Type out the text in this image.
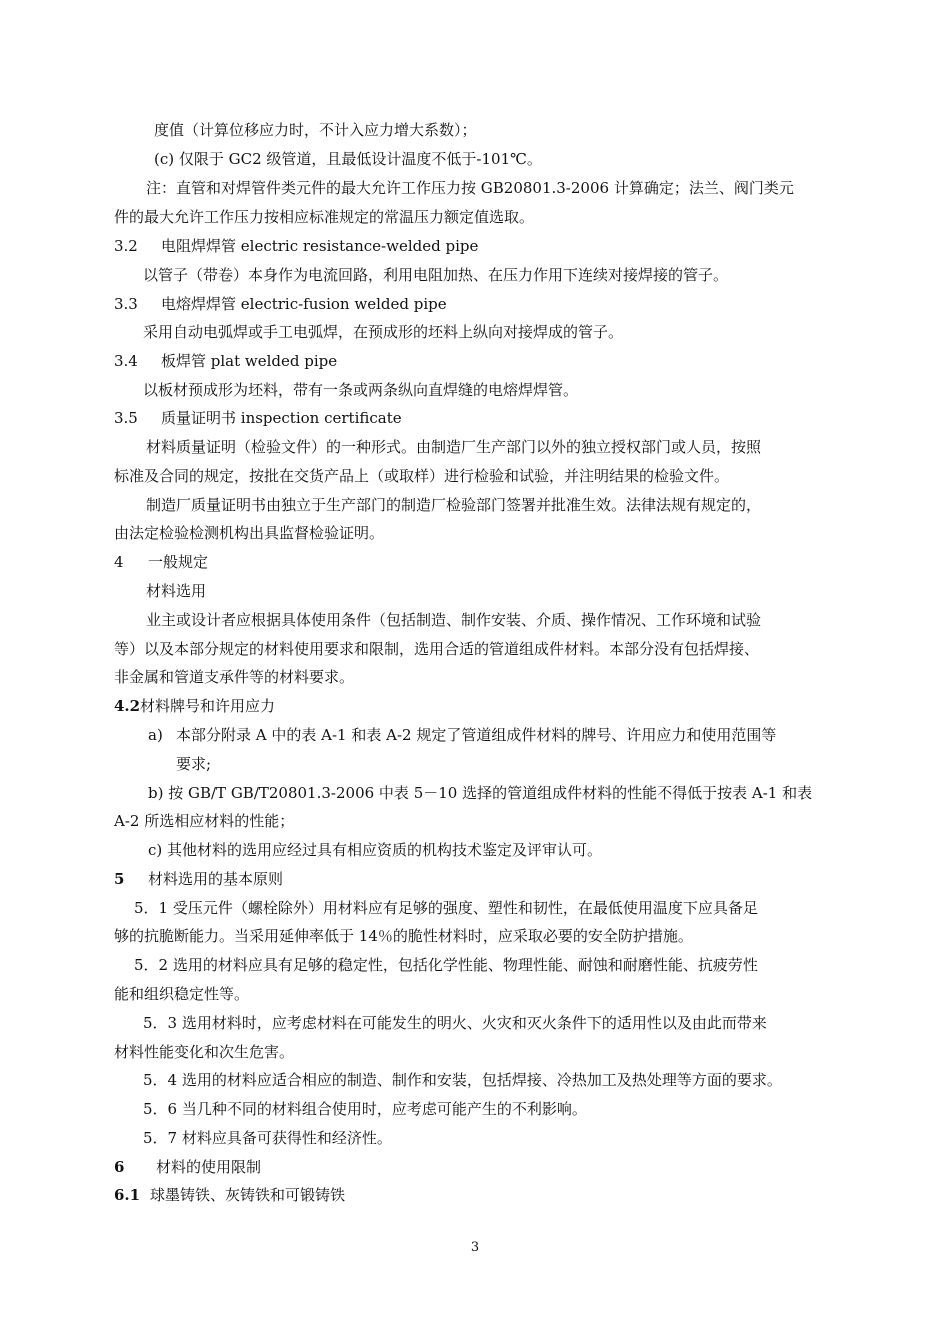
度值（计算位移应力时，不计入应力增大系数）；
(c) 仅限于 GC2 级管道，且最低设计温度不低于-101℃。
注：直管和对焊管件类元件的最大允许工作压力按 GB20801.3-2006 计算确定；法兰、阀门类元
件的最大允许工作压力按相应标准规定的常温压力额定值选取。
3.2 电阻焊焊管 electric resistance-welded pipe
以管子（带卷）本身作为电流回路，利用电阻加热、在压力作用下连续对接焊接的管子。
3.3 电熔焊焊管 electric-fusion welded pipe
采用自动电弧焊或手工电弧焊，在预成形的坯料上纵向对接焊成的管子。
3.4 板焊管 plat welded pipe
以板材预成形为坯料，带有一条或两条纵向直焊缝的电熔焊焊管。
3.5 质量证明书 inspection certificate
材料质量证明（检验文件）的一种形式。由制造厂生产部门以外的独立授权部门或人员，按照
标准及合同的规定，按批在交货产品上（或取样）进行检验和试验，并注明结果的检验文件。
制造厂质量证明书由独立于生产部门的制造厂检验部门签署并批准生效。法律法规有规定的，
由法定检验检测机构出具监督检验证明。
4 一般规定
材料选用
业主或设计者应根据具体使用条件（包括制造、制作安装、介质、操作情况、工作环境和试验
等）以及本部分规定的材料使用要求和限制，选用合适的管道组成件材料。本部分没有包括焊接、
非金属和管道支承件等的材料要求。
4.2 材料牌号和许用应力
a) 本部分附录 A 中的表 A-1 和表 A-2 规定了管道组成件材料的牌号、许用应力和使用范围等
要求;
b) 按 GB/T GB/T20801.3-2006 中表 5－10 选择的管道组成件材料的性能不得低于按表 A-1 和表
A-2 所选相应材料的性能；
c) 其他材料的选用应经过具有相应资质的机构技术鉴定及评审认可。
5 材料选用的基本原则
5．1 受压元件（螺栓除外）用材料应有足够的强度、塑性和韧性，在最低使用温度下应具备足
够的抗脆断能力。当采用延伸率低于 14％的脆性材料时，应采取必要的安全防护措施。
5．2 选用的材料应具有足够的稳定性，包括化学性能、物理性能、耐蚀和耐磨性能、抗疲劳性
能和组织稳定性等。
5．3 选用材料时，应考虑材料在可能发生的明火、火灾和灭火条件下的适用性以及由此而带来
材料性能变化和次生危害。
5．4 选用的材料应适合相应的制造、制作和安装，包括焊接、冷热加工及热处理等方面的要求。
5．6 当几种不同的材料组合使用时，应考虑可能产生的不利影响。
5．7 材料应具备可获得性和经济性。
6 材料的使用限制
6.1 球墨铸铁、灰铸铁和可锻铸铁
3
